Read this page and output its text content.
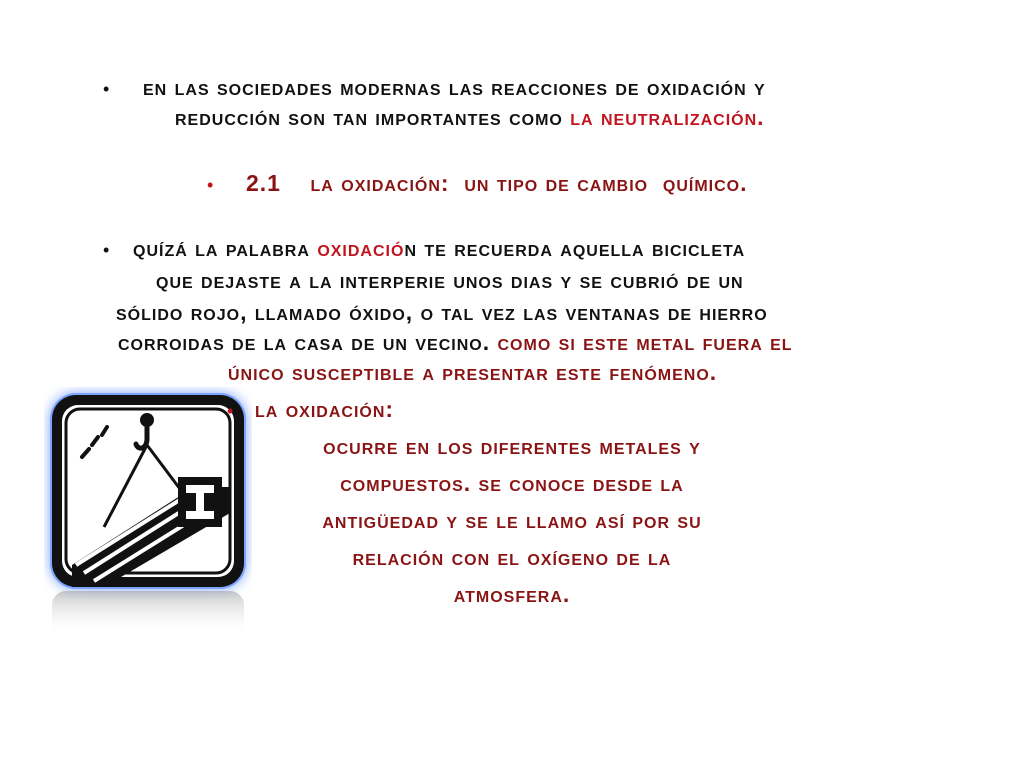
• en las sociedades modernas las reacciones de oxidación y
reducción son tan importantes como la neutralización.
• 2.1    la oxidación:  un tipo de cambio  químico.
• quízá la palabra oxidación te recuerda aquella bicicleta
que dejaste a la interperie unos dias y se cubrió de un
sólido rojo, llamado óxido, o tal vez las ventanas de hierro
corroidas de la casa de un vecino. como si este metal fuera el
único susceptible a presentar este fenómeno.
• la oxidación:
ocurre en los diferentes metales y
compuestos. se conoce desde la
antigüedad y se le llamo así por su
relación con el oxígeno de la
atmosfera.
